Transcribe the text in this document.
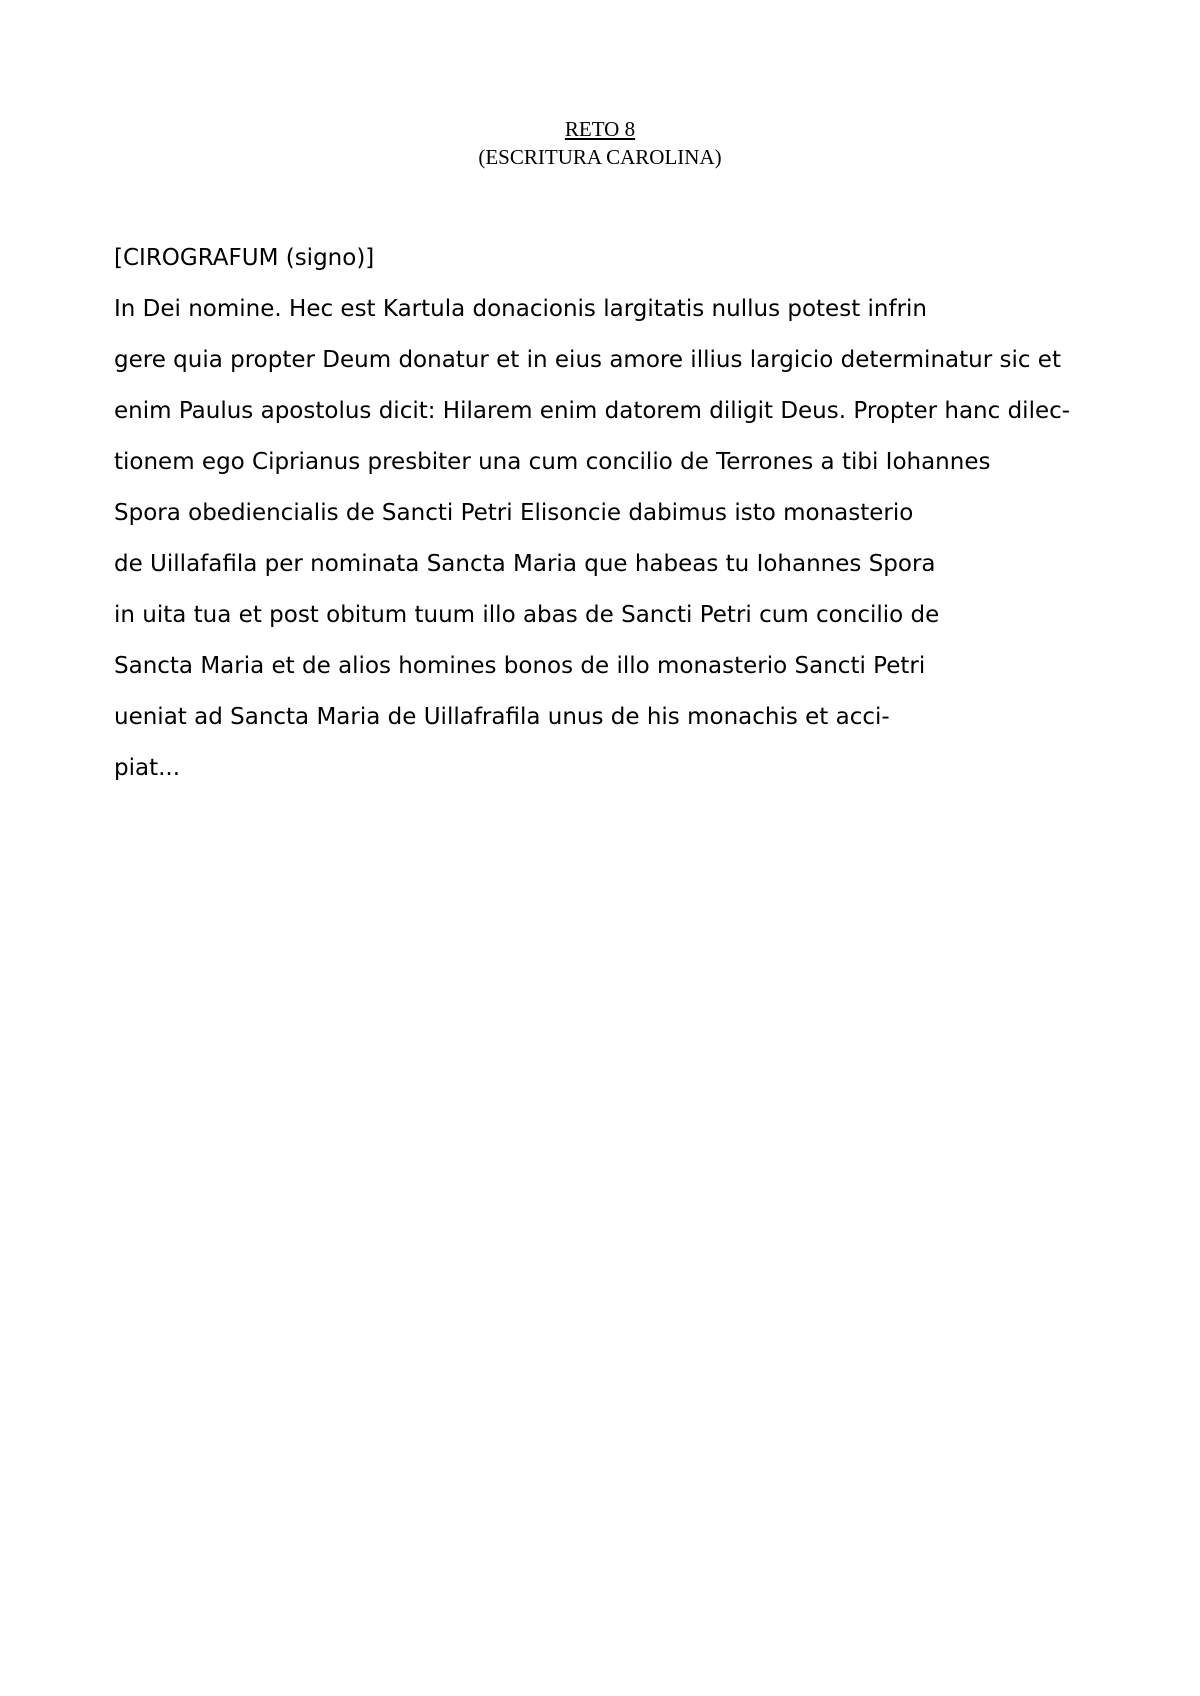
RETO 8
(ESCRITURA CAROLINA)
[CIROGRAFUM (signo)]
In Dei nomine. Hec est Kartula donacionis largitatis nullus potest infrin
gere quia propter Deum donatur et in eius amore illius largicio determinatur sic et
enim Paulus apostolus dicit: Hilarem enim datorem diligit Deus. Propter hanc dilec-
tionem ego Ciprianus presbiter una cum concilio de Terrones a tibi Iohannes
Spora obediencialis de Sancti Petri Elisoncie dabimus isto monasterio
de Uillafafila per nominata Sancta Maria que habeas tu Iohannes Spora
in uita tua et post obitum tuum illo abas de Sancti Petri cum concilio de
Sancta Maria et de alios homines bonos de illo monasterio Sancti Petri
ueniat ad Sancta Maria de Uillafrafila unus de his monachis et acci-
piat...
